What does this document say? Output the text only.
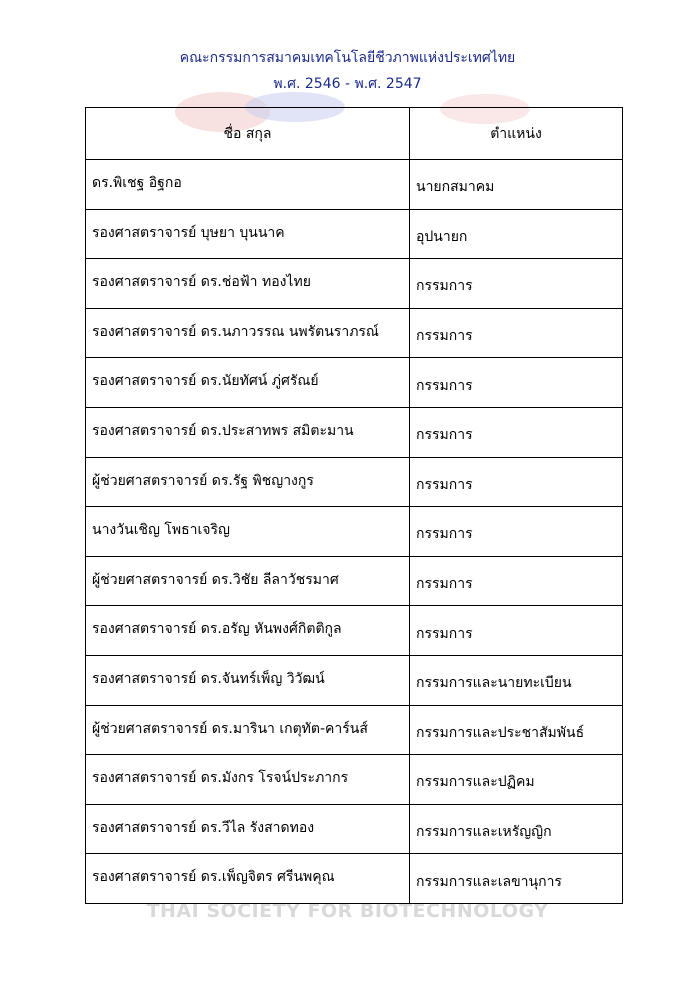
คณะกรรมการสมาคมเทคโนโลยีชีวภาพแห่งประเทศไทย
พ.ศ. 2546 - พ.ศ. 2547
THAI SOCIETY FOR BIOTECHNOLOGY
ชื่อ สกุล	ตำแหน่ง
ดร.พิเชฐ อิฐกอ	นายกสมาคม
รองศาสตราจารย์ บุษยา บุนนาค	อุปนายก
รองศาสตราจารย์ ดร.ช่อฟ้า ทองไทย	กรรมการ
รองศาสตราจารย์ ดร.นภาวรรณ นพรัตนราภรณ์	กรรมการ
รองศาสตราจารย์ ดร.นัยทัศน์ ภู่ศรัณย์	กรรมการ
รองศาสตราจารย์ ดร.ประสาทพร สมิตะมาน	กรรมการ
ผู้ช่วยศาสตราจารย์ ดร.รัฐ พิชญางกูร	กรรมการ
นางวันเชิญ โพธาเจริญ	กรรมการ
ผู้ช่วยศาสตราจารย์ ดร.วิชัย ลีลาวัชรมาศ	กรรมการ
รองศาสตราจารย์ ดร.อรัญ หันพงศ์กิตติกูล	กรรมการ
รองศาสตราจารย์ ดร.จันทร์เพ็ญ วิวัฒน์	กรรมการและนายทะเบียน
ผู้ช่วยศาสตราจารย์ ดร.มารินา เกตุทัต-คาร์นส์	กรรมการและประชาสัมพันธ์
รองศาสตราจารย์ ดร.มังกร โรจน์ประภากร	กรรมการและปฏิคม
รองศาสตราจารย์ ดร.วีไล รังสาดทอง	กรรมการและเหรัญญิก
รองศาสตราจารย์ ดร.เพ็ญจิตร ศรีนพคุณ	กรรมการและเลขานุการ
